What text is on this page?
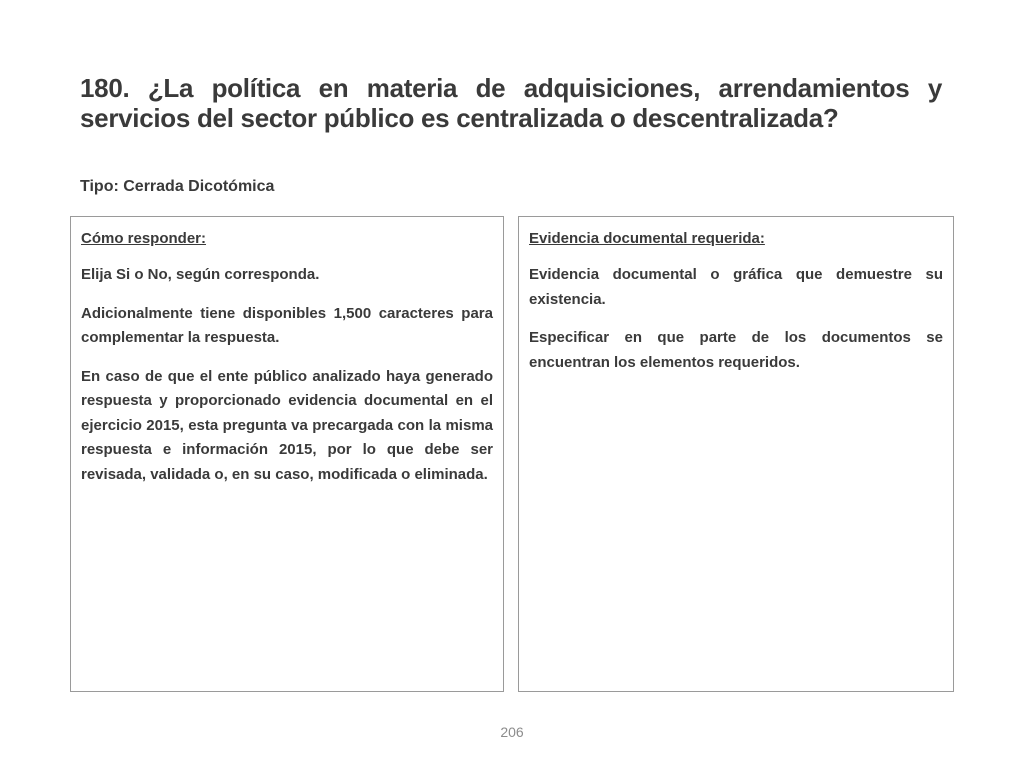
180. ¿La política en materia de adquisiciones, arrendamientos y servicios del sector público es centralizada o descentralizada?
Tipo: Cerrada Dicotómica
Cómo responder:

Elija Si o No, según corresponda.

Adicionalmente tiene disponibles 1,500 caracteres para complementar la respuesta.

En caso de que el ente público analizado haya generado respuesta y proporcionado evidencia documental en el ejercicio 2015, esta pregunta va precargada con la misma respuesta e información 2015, por lo que debe ser revisada, validada o, en su caso, modificada o eliminada.

Evidencia documental requerida:

Evidencia documental o gráfica que demuestre su existencia.

Especificar en que parte de los documentos se encuentran los elementos requeridos.

206
